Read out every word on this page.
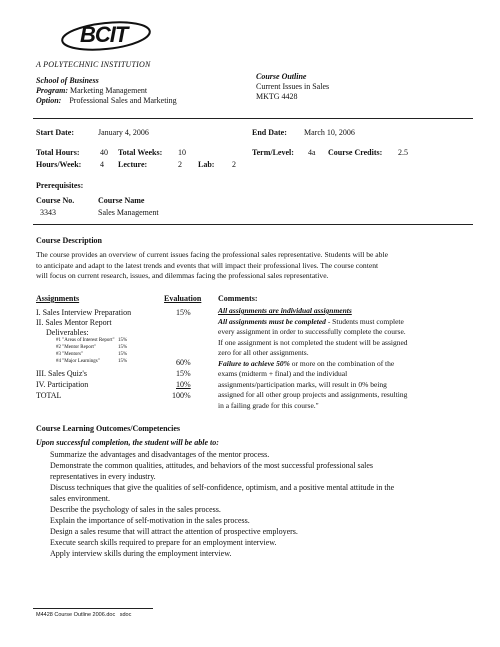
BCIT
A POLYTECHNIC INSTITUTION
School of Business
Program: Marketing Management
Option: Professional Sales and Marketing
Course Outline
Current Issues in Sales
MKTG 4428
Start Date:	January 4, 2006	End Date: March 10, 2006
Total Hours:	40 Total Weeks: 10	Term/Level: 4a Course Credits: 2.5
Hours/Week: 4 Lecture:	2 Lab: 2
Prerequisites:
Course No.	Course Name
3343	Sales Management
Course Description
The course provides an overview of current issues facing the professional sales representative. Students will be able
to anticipate and adapt to the latest trends and events that will impact their professional lives. The course content
will focus on current research, issues, and dilemmas facing the professional sales representative.
Assignments	Evaluation Comments:
I. Sales Interview Preparation	15%
II. Sales Mentor Report
Deliverables:
#1 "Areas of Interest Report" 15%
#2 "Mentor Report"	15%
#3 "Mentors"	15%
#4 "Major Learnings"	15%	60%
III. Sales Quiz's	15%
IV. Participation	10%
TOTAL	100%
All assignments are individual assignments
All assignments must be completed - Students must complete
every assignment in order to successfully complete the course.
If one assignment is not completed the student will be assigned
zero for all other assignments.
Failure to achieve 50% or more on the combination of the
exams (midterm + final) and the individual
assignments/participation marks, will result in 0% being
assigned for all other group projects and assignments, resulting
in a failing grade for this course."
Course Learning Outcomes/Competencies
Upon successful completion, the student will be able to:
Summarize the advantages and disadvantages of the mentor process.
Demonstrate the common qualities, attitudes, and behaviors of the most successful professional sales
representatives in every industry.
Discuss techniques that give the qualities of self-confidence, optimism, and a positive mental attitude in the
sales environment.
Describe the psychology of sales in the sales process.
Explain the importance of self-motivation in the sales process.
Design a sales resume that will attract the attention of prospective employers.
Execute search skills required to prepare for an employment interview.
Apply interview skills during the employment interview.
M4428 Course Outline 2006.doc sdoc
